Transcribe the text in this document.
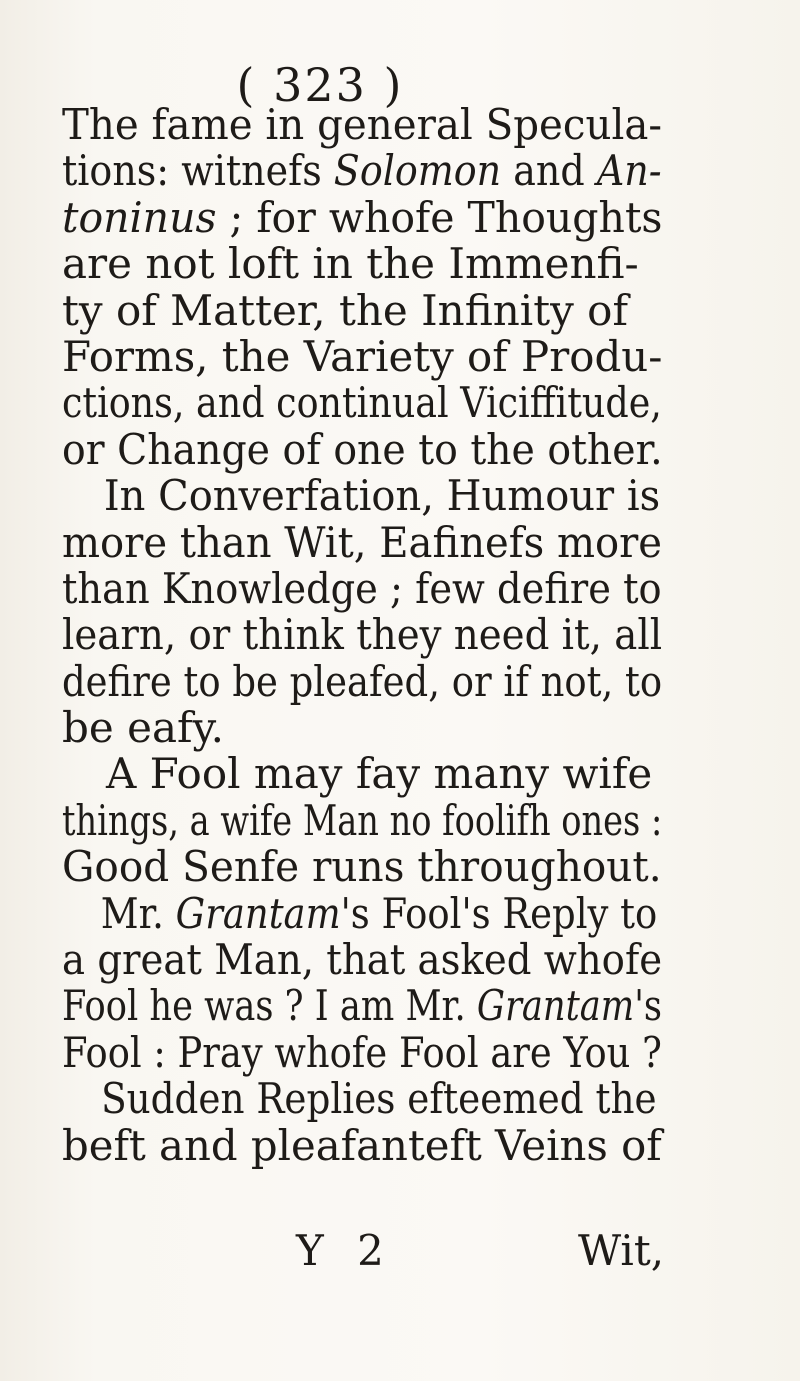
( 323 )
The fame in general Specula-
tions: witnefs Solomon and An-
toninus ; for whofe Thoughts
are not loft in the Immenfi-
ty of Matter, the Infinity of
Forms, the Variety of Produ-
ctions, and continual Viciffitude,
or Change of one to the other.
In Converfation, Humour is
more than Wit, Eafinefs more
than Knowledge ; few defire to
learn, or think they need it, all
defire to be pleafed, or if not, to
be eafy.
A Fool may fay many wife
things, a wife Man no foolifh ones :
Good Senfe runs throughout.
Mr. Grantam's Fool's Reply to
a great Man, that asked whofe
Fool he was ? I am Mr. Grantam's
Fool : Pray whofe Fool are You ?
Sudden Replies efteemed the
beft and pleafanteft Veins of
Y 2	Wit,
